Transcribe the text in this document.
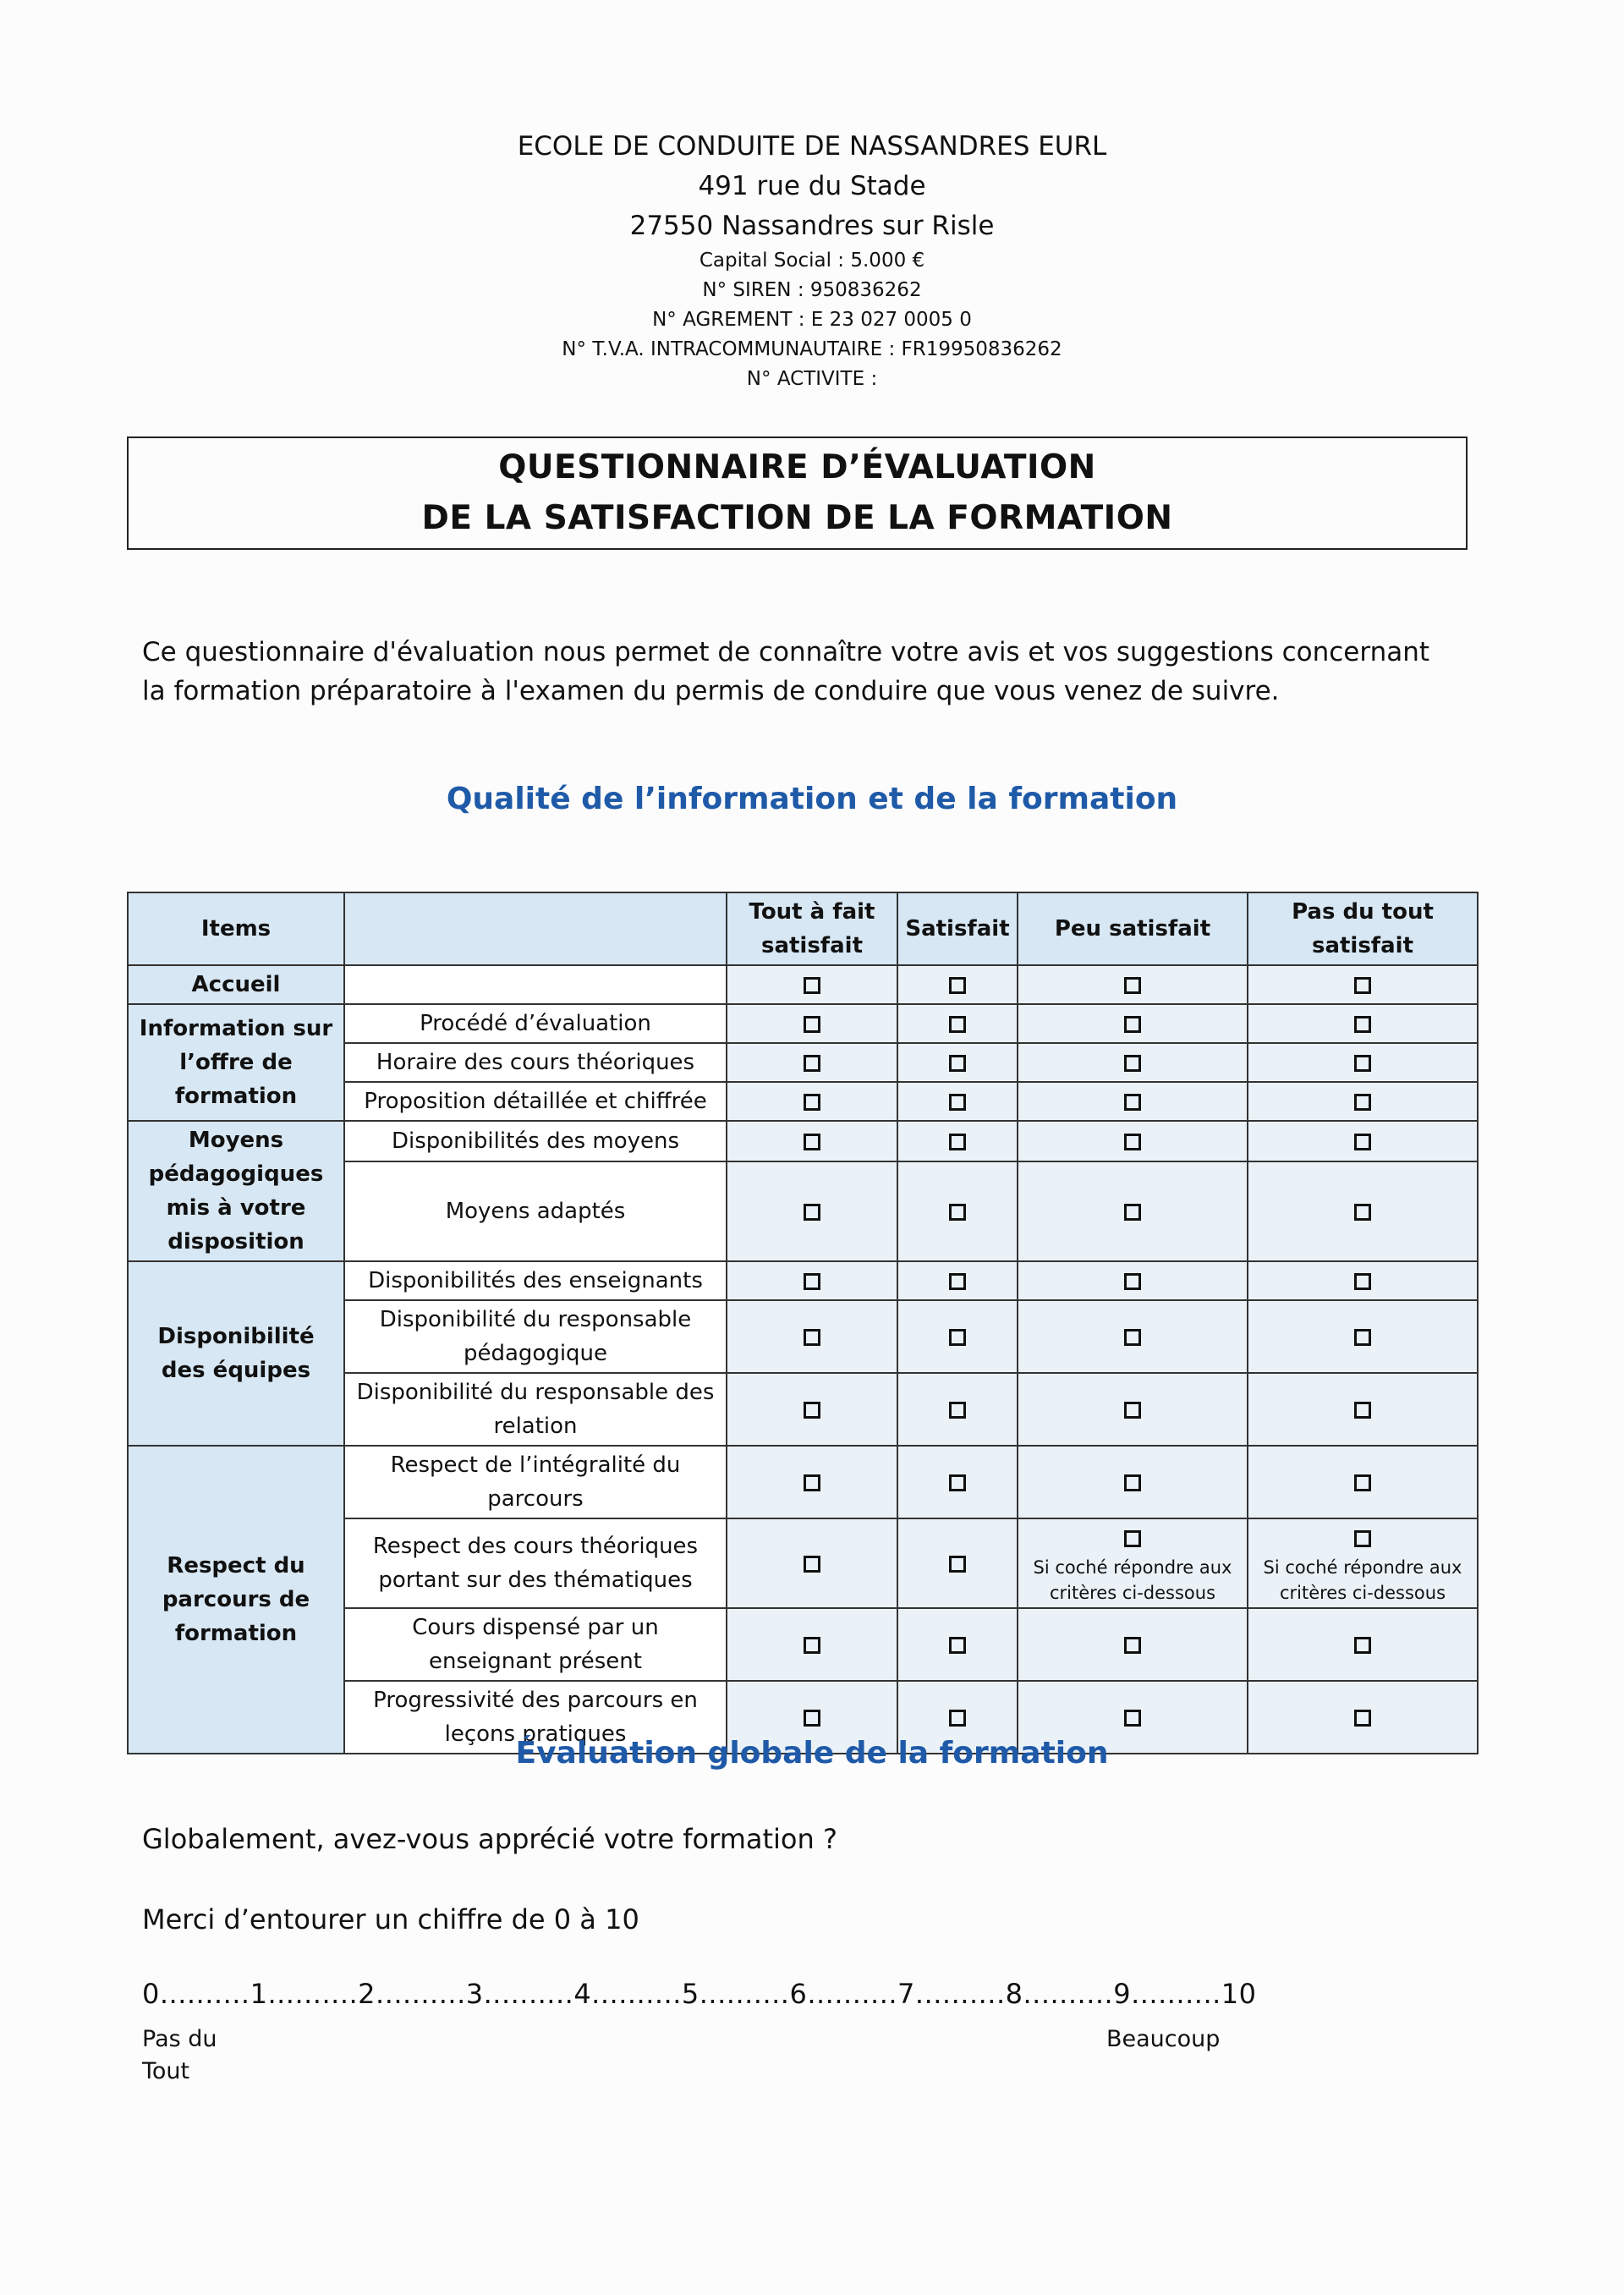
ECOLE DE CONDUITE DE NASSANDRES EURL
491 rue du Stade
27550 Nassandres sur Risle
Capital Social : 5.000 €
N° SIREN : 950836262
N° AGREMENT : E 23 027 0005 0
N° T.V.A. INTRACOMMUNAUTAIRE : FR19950836262
N° ACTIVITE :
QUESTIONNAIRE D’ÉVALUATION
DE LA SATISFACTION DE LA FORMATION
Ce questionnaire d'évaluation nous permet de connaître votre avis et vos suggestions concernant
la formation préparatoire à l'examen du permis de conduire que vous venez de suivre.
Qualité de l’information et de la formation
Items		Tout à fait satisfait	Satisfait	Peu satisfait	Pas du tout satisfait
Accueil					
Information sur l’offre de formation	Procédé d’évaluation				
	Horaire des cours théoriques				
	Proposition détaillée et chiffrée				
Moyens pédagogiques mis à votre disposition	Disponibilités des moyens				
	Moyens adaptés				
Disponibilité des équipes	Disponibilités des enseignants				
	Disponibilité du responsable pédagogique				
	Disponibilité du responsable des relation				
Respect du parcours de formation	Respect de l’intégralité du parcours				
	Respect des cours théoriques portant sur des thématiques			Si coché répondre aux critères ci-dessous	Si coché répondre aux critères ci-dessous

	Cours dispensé par un enseignant présent				
	Progressivité des parcours en leçons pratiques				
Évaluation globale de la formation
Globalement, avez-vous apprécié votre formation ?
Merci d’entourer un chiffre de 0 à 10
0..........1..........2..........3..........4..........5..........6..........7..........8..........9..........10
Pas du
Tout
Beaucoup
